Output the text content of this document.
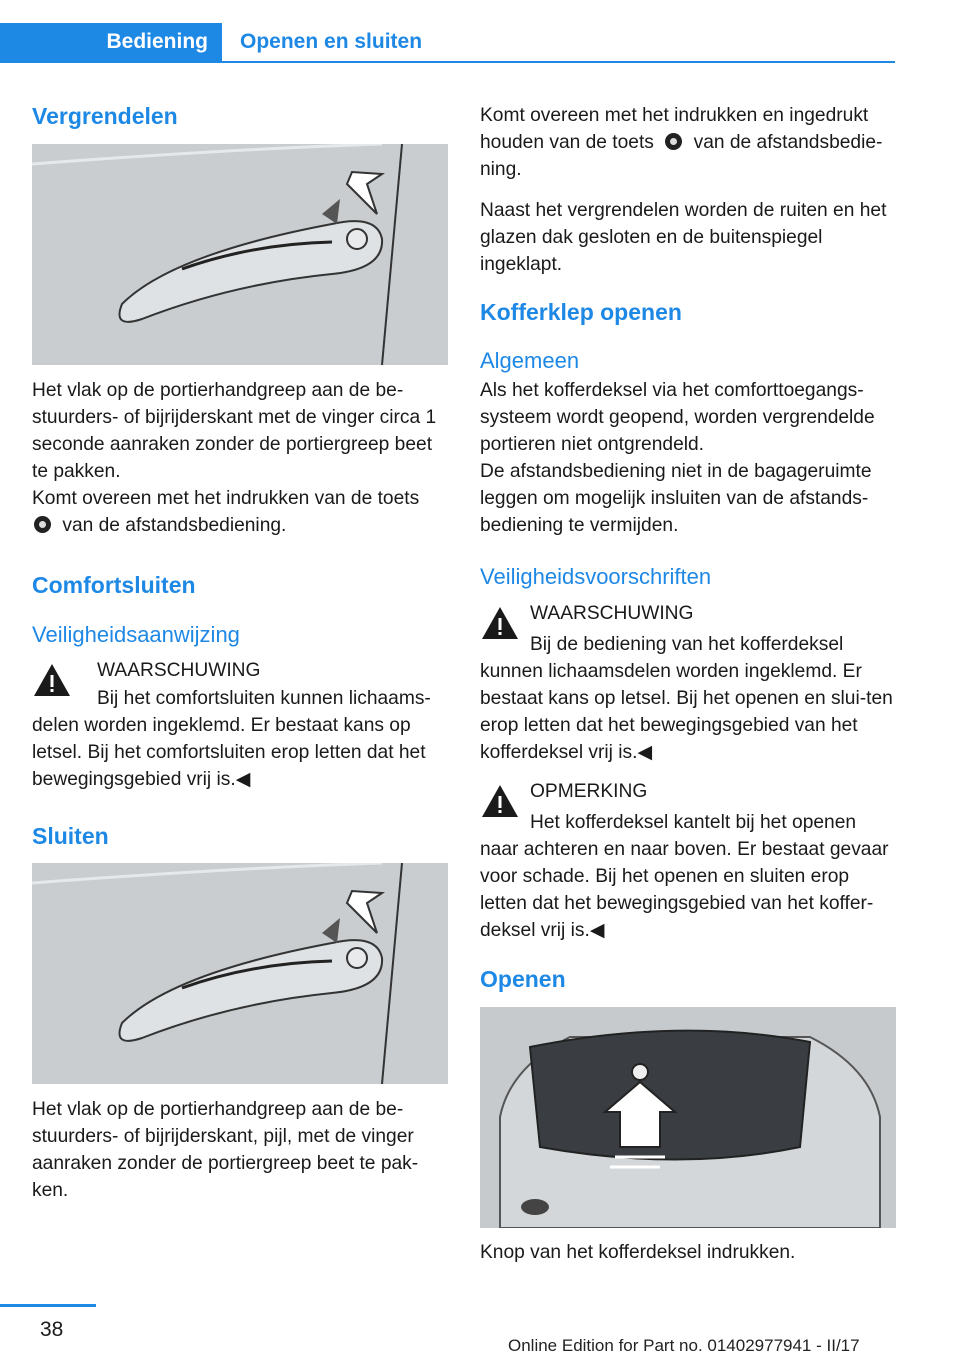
Bediening	Openen en sluiten
Vergrendelen

Het vlak op de portierhandgreep aan de be‐stuurders- of bijrijderskant met de vinger circa 1 seconde aanraken zonder de portiergreep beet te pakken.

Komt overeen met het indrukken van de toets
van de afstandsbediening.

Comfortsluiten
Veiligheidsaanwijzing

WAARSCHUWING

Bij het comfortsluiten kunnen lichaams‐delen worden ingeklemd. Er bestaat kans op letsel. Bij het comfortsluiten erop letten dat het bewegingsgebied vrij is.◀

Sluiten

Het vlak op de portierhandgreep aan de be‐stuurders- of bijrijderskant, pijl, met de vinger aanraken zonder de portiergreep beet te pak‐ken.

Komt overeen met het indrukken en ingedrukt houden van de toets van de afstandsbedie‐ning.

Naast het vergrendelen worden de ruiten en het glazen dak gesloten en de buitenspiegel ingeklapt.

Kofferklep openen
Algemeen

Als het kofferdeksel via het comforttoegangs‐systeem wordt geopend, worden vergrendelde portieren niet ontgrendeld.

De afstandsbediening niet in de bagageruimte leggen om mogelijk insluiten van de afstands‐bediening te vermijden.

Veiligheidsvoorschriften

WAARSCHUWING

Bij de bediening van het kofferdeksel kunnen lichaamsdelen worden ingeklemd. Er bestaat kans op letsel. Bij het openen en slui‐ten erop letten dat het bewegingsgebied van het kofferdeksel vrij is.◀

OPMERKING

Het kofferdeksel kantelt bij het openen naar achteren en naar boven. Er bestaat gevaar voor schade. Bij het openen en sluiten erop letten dat het bewegingsgebied van het koffer‐deksel vrij is.◀

Openen

Knop van het kofferdeksel indrukken.

38
Online Edition for Part no. 01402977941 - II/17
